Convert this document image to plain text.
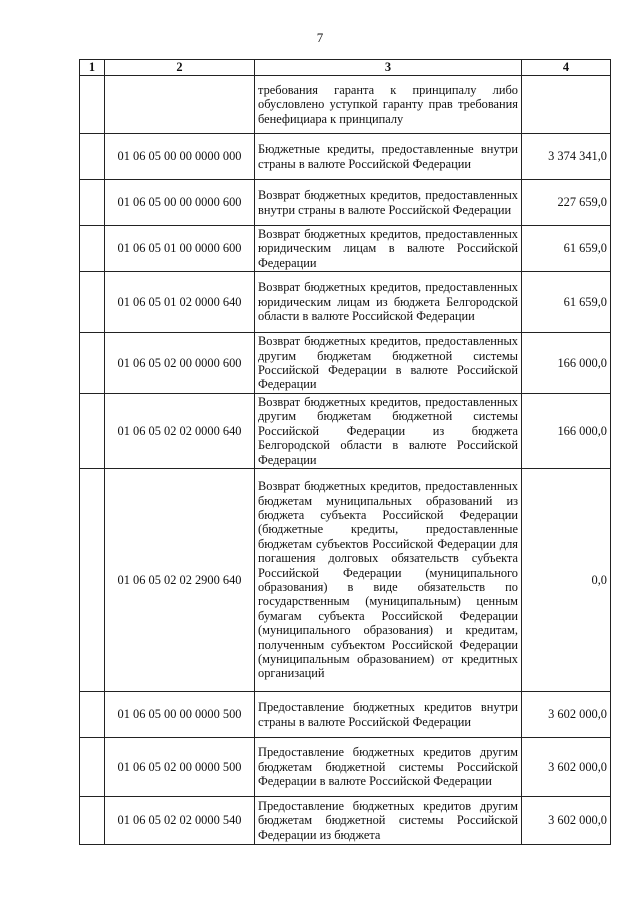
7
1	2	3	4
		требования гаранта к принципалу либо обусловлено уступкой гаранту прав требования бенефициара к принципалу	
	01 06 05 00 00 0000 000	Бюджетные кредиты, предоставленные внутри страны в валюте Российской Федерации	3 374 341,0
	01 06 05 00 00 0000 600	Возврат бюджетных кредитов, предоставленных внутри страны в валюте Российской Федерации	227 659,0
	01 06 05 01 00 0000 600	Возврат бюджетных кредитов, предоставленных юридическим лицам в валюте Российской Федерации	61 659,0
	01 06 05 01 02 0000 640	Возврат бюджетных кредитов, предоставленных юридическим лицам из бюджета Белгородской области в валюте Российской Федерации	61 659,0
	01 06 05 02 00 0000 600	Возврат бюджетных кредитов, предоставленных другим бюджетам бюджетной системы Российской Федерации в валюте Российской Федерации	166 000,0
	01 06 05 02 02 0000 640	Возврат бюджетных кредитов, предоставленных другим бюджетам бюджетной системы Российской Федерации из бюджета Белгородской области в валюте Российской Федерации	166 000,0
	01 06 05 02 02 2900 640	Возврат бюджетных кредитов, предоставленных бюджетам муниципальных образований из бюджета субъекта Российской Федерации (бюджетные кредиты, предоставленные бюджетам субъектов Российской Федерации для погашения долговых обязательств субъекта Российской Федерации (муниципального образования) в виде обязательств по государственным (муниципальным) ценным бумагам субъекта Российской Федерации (муниципального образования) и кредитам, полученным субъектом Российской Федерации (муниципальным образованием) от кредитных организаций	0,0
	01 06 05 00 00 0000 500	Предоставление бюджетных кредитов внутри страны в валюте Российской Федерации	3 602 000,0
	01 06 05 02 00 0000 500	Предоставление бюджетных кредитов другим бюджетам бюджетной системы Российской Федерации в валюте Российской Федерации	3 602 000,0
	01 06 05 02 02 0000 540	Предоставление бюджетных кредитов другим бюджетам бюджетной системы Российской Федерации из бюджета	3 602 000,0
